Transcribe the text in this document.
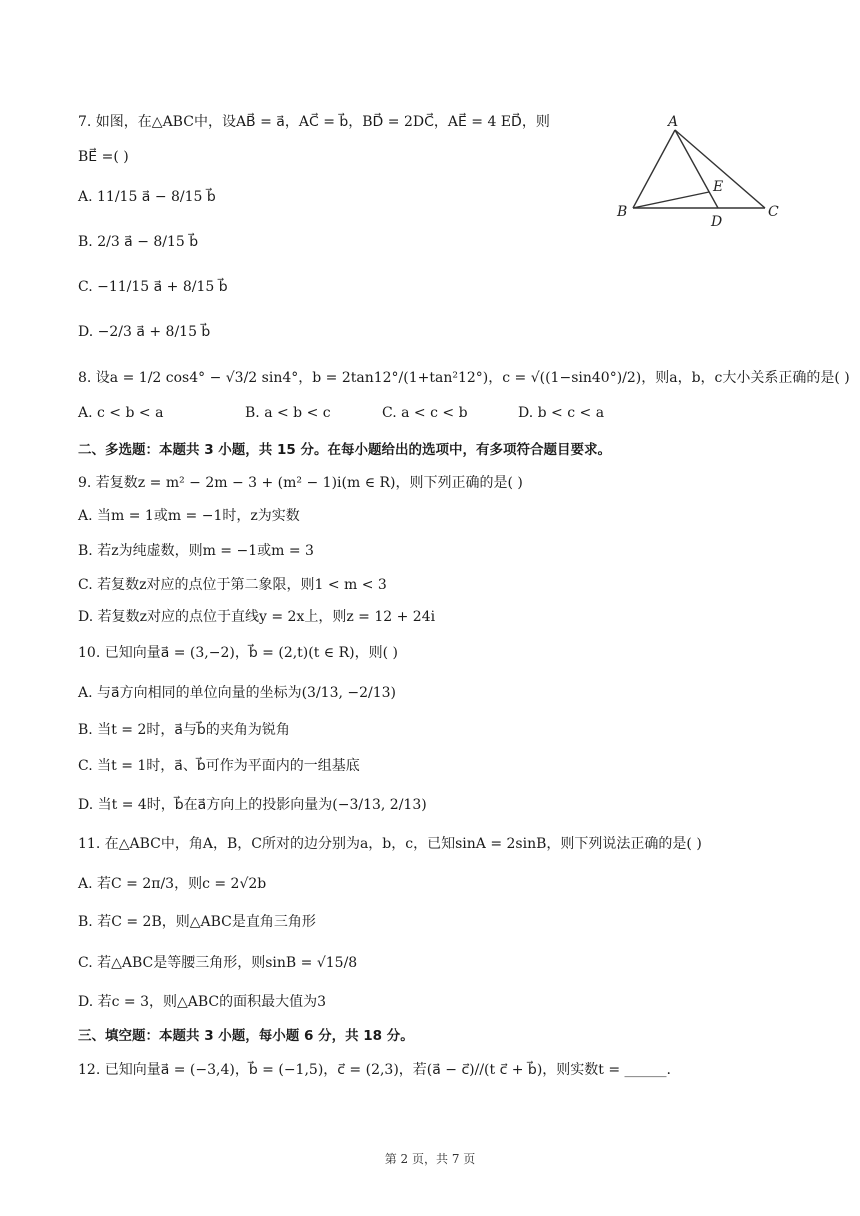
7. 如图，在△ABC中，设AB⃗ = a⃗，AC⃗ = b⃗，BD⃗ = 2DC⃗，AE⃗ = 4 ED⃗，则
BE⃗ =( )
A. 11/15 a⃗ − 8/15 b⃗
B. 2/3 a⃗ − 8/15 b⃗
C. −11/15 a⃗ + 8/15 b⃗
D. −2/3 a⃗ + 8/15 b⃗
A
B	C
D
E
8. 设a = 1/2 cos4° − √3/2 sin4°，b = 2tan12°/(1+tan²12°)，c = √((1−sin40°)/2)，则a，b，c大小关系正确的是( )
A. c < b < a	B. a < b < c	C. a < c < b	D. b < c < a
二、多选题：本题共 3 小题，共 15 分。在每小题给出的选项中，有多项符合题目要求。
9. 若复数z = m² − 2m − 3 + (m² − 1)i(m ∈ R)，则下列正确的是( )
A. 当m = 1或m = −1时，z为实数
B. 若z为纯虚数，则m = −1或m = 3
C. 若复数z对应的点位于第二象限，则1 < m < 3
D. 若复数z对应的点位于直线y = 2x上，则z = 12 + 24i
10. 已知向量a⃗ = (3,−2)，b⃗ = (2,t)(t ∈ R)，则( )
A. 与a⃗方向相同的单位向量的坐标为(3/13, −2/13)
B. 当t = 2时，a⃗与b⃗的夹角为锐角
C. 当t = 1时，a⃗、b⃗可作为平面内的一组基底
D. 当t = 4时，b⃗在a⃗方向上的投影向量为(−3/13, 2/13)
11. 在△ABC中，角A，B，C所对的边分别为a，b，c，已知sinA = 2sinB，则下列说法正确的是( )
A. 若C = 2π/3，则c = 2√2b
B. 若C = 2B，则△ABC是直角三角形
C. 若△ABC是等腰三角形，则sinB = √15/8
D. 若c = 3，则△ABC的面积最大值为3
三、填空题：本题共 3 小题，每小题 6 分，共 18 分。
12. 已知向量a⃗ = (−3,4)，b⃗ = (−1,5)，c⃗ = (2,3)，若(a⃗ − c⃗)//(t c⃗ + b⃗)，则实数t = ______.
第 2 页，共 7 页
